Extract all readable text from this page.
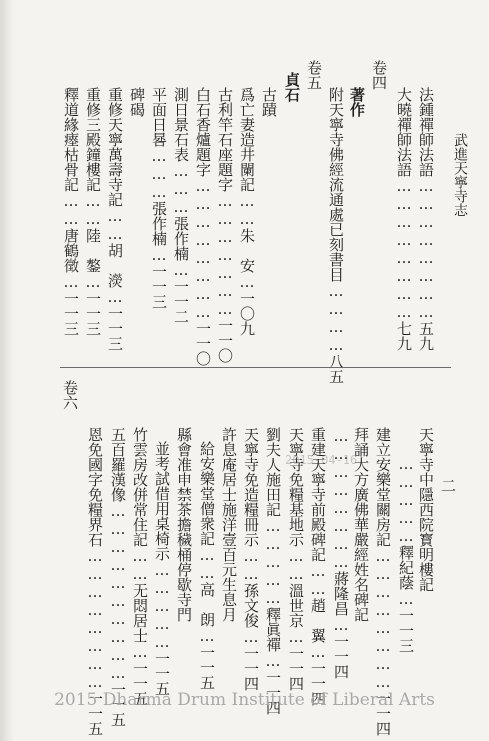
武進天寧寺志
法鍾禪師法語……………………五九
大曉禪師法語……………………七九
卷四
著作
附天寧寺佛經流通處已刻書目…………八五
卷五
貞石
古蹟
爲亡妻造井闌記……朱　安…一〇九
古利竿石座題字…………………一一〇
白石香爐題字……………………一一〇
測日景石表………張作楠…一一二
平面日晷………張作楠…一一三
碑碣
重修天寧萬壽寺記……胡　濙…一一三
重修三殿鐘樓記……陸　鏊…一一三
釋道緣瘞枯骨記……唐鶴徵…一一三
二
天寧寺中隱西院寳明樓記
……………釋紀蔭…一一三
建立安樂堂關房記……………………一一四
拜誦大方廣佛華嚴經姓名碑記
……………………蔣隆昌…一一四
重建天寧寺前殿碑記……趙　翼…一一四
天寧寺免糧基地示……溫世京…一一四
劉夫人施田記……………釋眞禪…一一四
天寧寺免造糧冊示……孫文俊…一一四
許息庵居士施洋壹百元生息月
給安樂堂僧衆記……高　朗…一一五
縣會准申禁茶擔穢桶停歇寺門
並考試借用桌椅示……………一一五
竹雲房改併常住記……无悶居士…一一五
五百羅漢像…………………………一一五
恩免國字免糧界石……………………一一五
卷六
2015-04-16
2015 Dharma Drum Institute of Liberal Arts
